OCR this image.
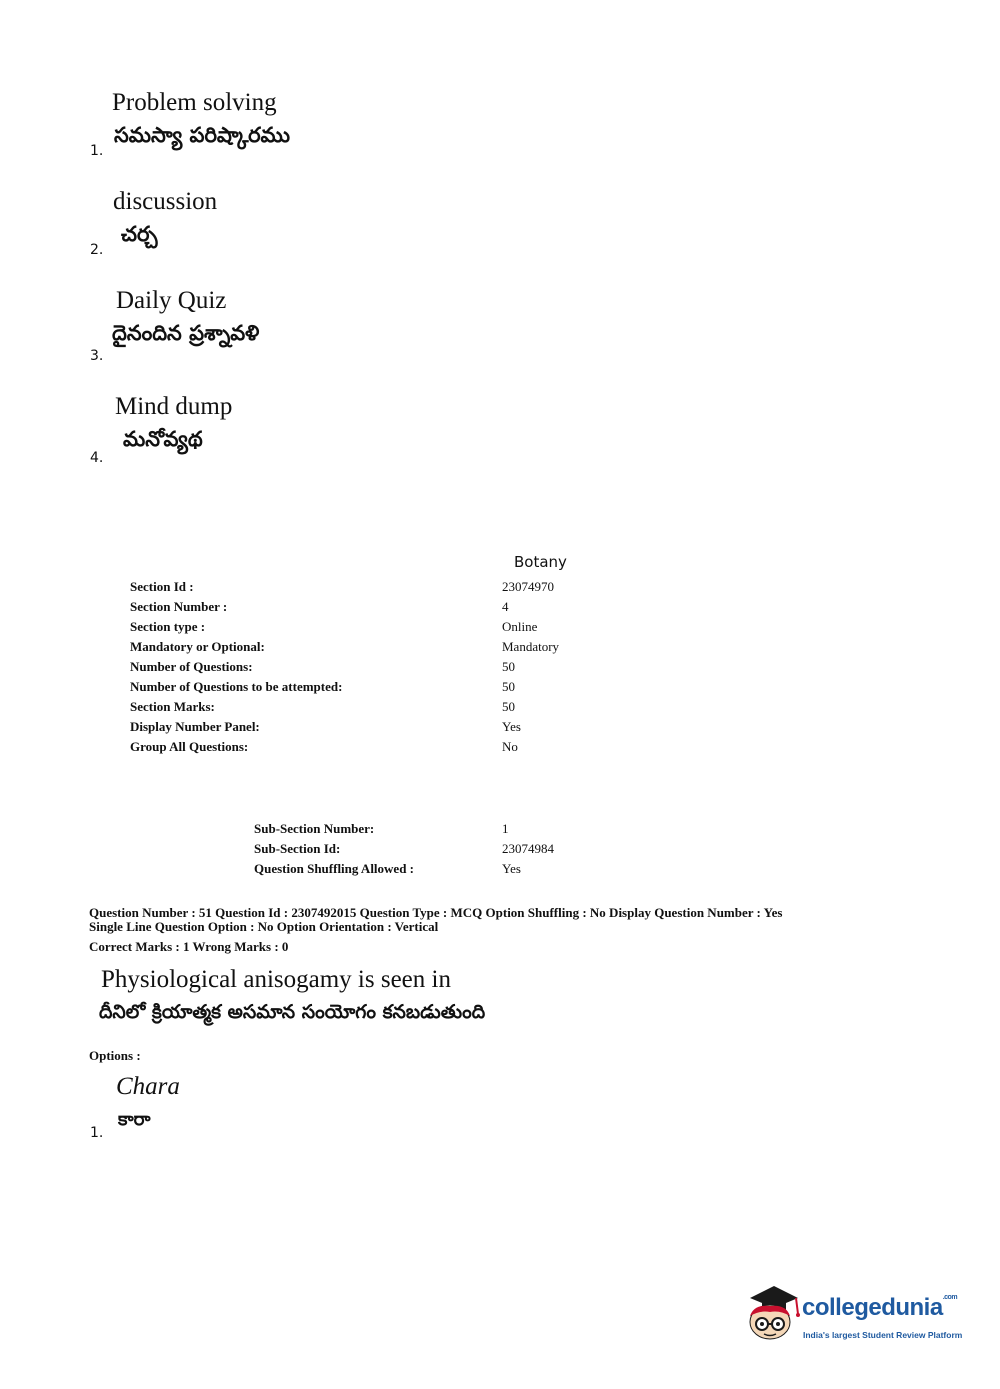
Problem solving
సమస్యా పరిష్కారము
1.
discussion
చర్చ
2.
Daily Quiz
దైనందిన ప్రశ్నావళి
3.
Mind dump
మనోవ్యథ
4.
Botany
Section Id :	23074970
Section Number :	4
Section type :	Online
Mandatory or Optional:	Mandatory
Number of Questions:	50
Number of Questions to be attempted:	50
Section Marks:	50
Display Number Panel:	Yes
Group All Questions:	No
Sub-Section Number:	1
Sub-Section Id:	23074984
Question Shuffling Allowed :	Yes
Question Number : 51 Question Id : 2307492015 Question Type : MCQ Option Shuffling : No Display Question Number : Yes
Single Line Question Option : No Option Orientation : Vertical
Correct Marks : 1 Wrong Marks : 0
Physiological anisogamy is seen in
దీనిలో క్రియాత్మక అసమాన సంయోగం కనబడుతుంది
Options :
Chara
కారా
1.
collegedunia$^{.com}$
India's largest Student Review Platform
